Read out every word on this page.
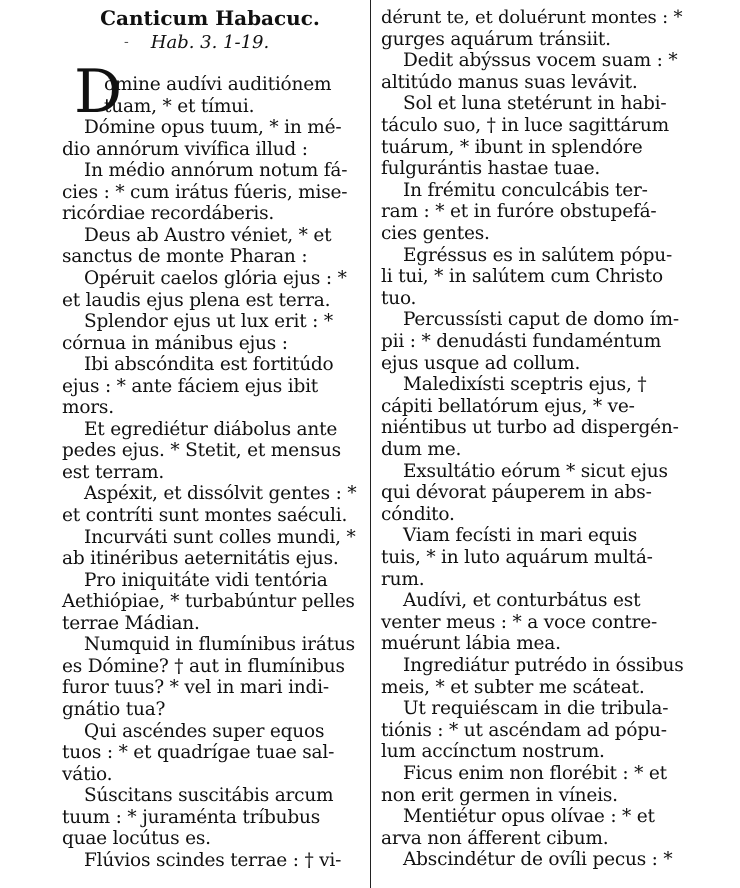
Canticum Habacuc.
-	Hab. 3. 1-19.
D
ómine audívi auditiónem
tuam, * et tímui.
Dómine opus tuum, * in mé-
dio annórum vivífica illud :
In médio annórum notum fá-
cies : * cum irátus fúeris, mise-
ricórdiae recordáberis.
Deus ab Austro véniet, * et
sanctus de monte Pharan :
Opéruit caelos glória ejus : *
et laudis ejus plena est terra.
Splendor ejus ut lux erit : *
córnua in mánibus ejus :
Ibi abscóndita est fortitúdo
ejus : * ante fáciem ejus ibit
mors.
Et egrediétur diábolus ante
pedes ejus. * Stetit, et mensus
est terram.
Aspéxit, et dissólvit gentes : *
et contríti sunt montes saéculi.
Incurváti sunt colles mundi, *
ab itinéribus aeternitátis ejus.
Pro iniquitáte vidi tentória
Aethiópiae, * turbabúntur pelles
terrae Mádian.
Numquid in flumínibus irátus
es Dómine? † aut in flumínibus
furor tuus? * vel in mari indi-
gnátio tua?
Qui ascéndes super equos
tuos : * et quadrígae tuae sal-
vátio.
Súscitans suscitábis arcum
tuum : * juraménta tríbubus
quae locútus es.
Flúvios scindes terrae : † vi-
dérunt te, et doluérunt montes : *
gurges aquárum tránsiit.
Dedit abýssus vocem suam : *
altitúdo manus suas levávit.
Sol et luna stetérunt in habi-
táculo suo, † in luce sagittárum
tuárum, * ibunt in splendóre
fulgurántis hastae tuae.
In frémitu conculcábis ter-
ram : * et in furóre obstupefá-
cies gentes.
Egréssus es in salútem pópu-
li tui, * in salútem cum Christo
tuo.
Percussísti caput de domo ím-
pii : * denudásti fundaméntum
ejus usque ad collum.
Maledixísti sceptris ejus, †
cápiti bellatórum ejus, * ve-
niéntibus ut turbo ad dispergén-
dum me.
Exsultátio eórum * sicut ejus
qui dévorat páuperem in abs-
cóndito.
Viam fecísti in mari equis
tuis, * in luto aquárum multá-
rum.
Audívi, et conturbátus est
venter meus : * a voce contre-
muérunt lábia mea.
Ingrediátur putrédo in óssibus
meis, * et subter me scáteat.
Ut requiéscam in die tribula-
tiónis : * ut ascéndam ad pópu-
lum accínctum nostrum.
Ficus enim non florébit : * et
non erit germen in víneis.
Mentiétur opus olívae : * et
arva non áfferent cibum.
Abscindétur de ovíli pecus : *
